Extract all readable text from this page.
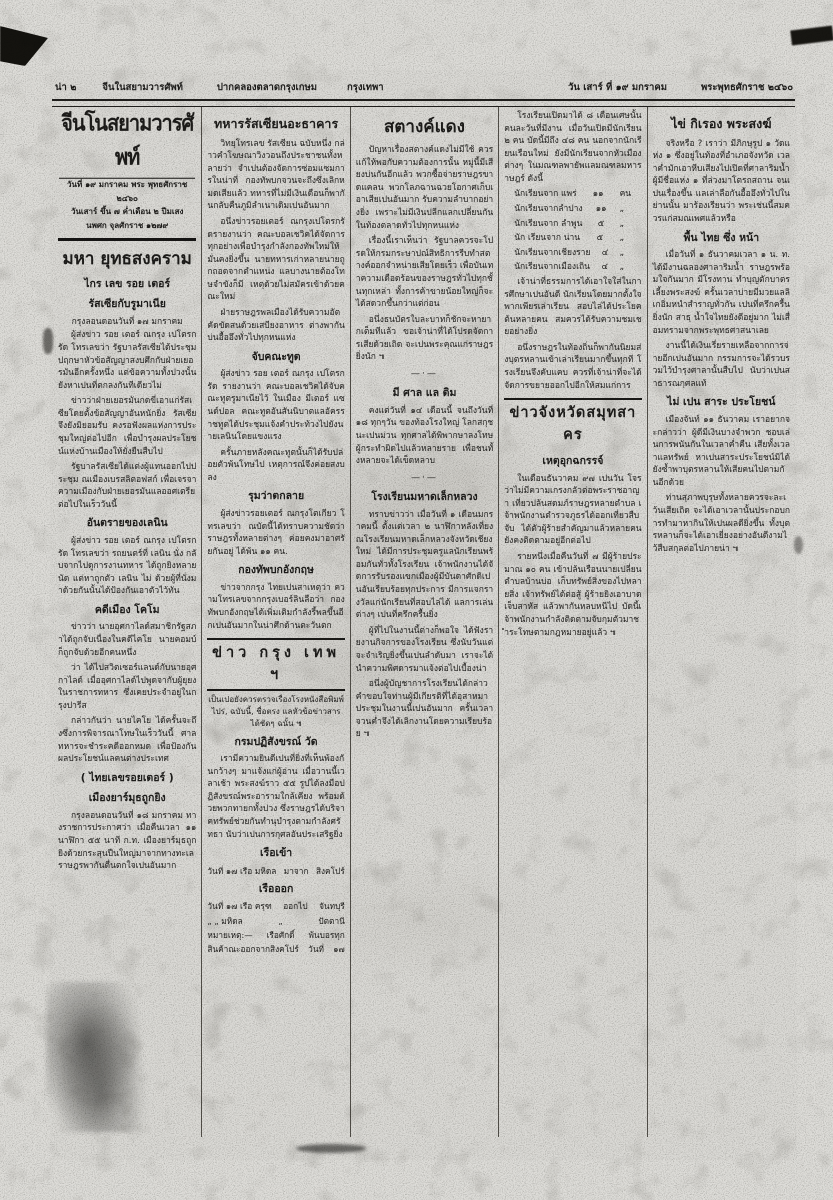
น่า ๒	จีนในสยามวารศัพท์	ปากคลองตลาดกรุงเกษม	กรุงเทพา	วัน เสาร์ ที่ ๑๙ มกราคม	พระพุทธศักราช ๒๔๖๐
จีนโนสยามวารศัพท์
วันที่ ๑๙ มกราคม พระ พุทธศักราช ๒๔๖๐
วันเสาร์ ขึ้น ๗ ค่ำเดือน ๒ ปีมเสง
นพศก จุลศักราช ๑๒๗๙
มหา ยุทธสงคราม
ไกร เลข รอย เตอร์
รัสเซียกับรูมาเนีย
กรุงลอนดอนวันที่ ๑๗ มกราคม

ผู้ส่งข่าว รอย เตอร์ ณกรุง เปโตรกรัด โทรเลขว่า รัฐบาลรัสเซียได้ประชุมปฤกษาหัวข้อสัญญาสงบศึกกับฝ่ายเยอรมันอีกครั้งหนึ่ง แต่ข้อความทั้งปวงนั้นยังหาเปนที่ตกลงกันทีเดียวไม่

ข่าวว่าฝ่ายเยอรมันกดขี่เอาแก่รัสเซียโดยตั้งข้อสัญญาอันหนักยิ่ง รัสเซียจึงยังมิยอมรับ คงรอฟังผลแห่งการประชุมใหญ่ต่อไปอีก เพื่อบำรุงผลประโยชน์แห่งบ้านเมืองให้ยั่งยืนสืบไป

รัฐบาลรัสเซียได้แต่งผู้แทนออกไปประชุม ณเมืองเบรสลิตอฟสก์ เพื่อเจรจาความเมืองกับฝ่ายเยอรมันแลออศเตรียต่อไปในเร็ววันนี้

อันตรายของเลนิน

ผู้ส่งข่าว รอย เตอร์ ณกรุง เปโตรกรัด โทรเลขว่า รถยนตร์ที่ เลนิน นั่ง กลับจากไปดูการงานทหาร ได้ถูกยิงหลายนัด แต่หาถูกตัว เลนิน ไม่ ด้วยผู้ที่นั่งมาด้วยกันนั้นได้ป้องกันเอาตัวไว้ทัน

คดีเมือง โคโม

ข่าวว่า นายอุศกาไลด์สมาชิกรัฐสภาได้ถูกจับเนื่องในคดีไคโย นายคอมบ์ก็ถูกจับด้วยอีกคนหนึ่ง

ว่า ได้ไปสวิตเซอร์แลนด์กับนายอุศกาไลด์ เมื่ออุศกาไลด์ไปพูดจากับผู้ยุยงในราชการทหาร ซึ่งเคยประจำอยู่ในกรุงปารีส

กล่าวกันว่า นายไคโย ได้ครั้นจะถึงซึ่งการพิจารณาโทษในเร็ววันนี้ ศาลทหารจะชำระคดีออกหมด เพื่อป้องกันผลประโยชน์แลคนต่างประเทศ

( ไทยเลขรอยเตอร์ )
เมืองยาร์มุธถูกยิง

กรุงลอนดอนวันที่ ๑๘ มกราคม ทางราชการประกาศว่า เมื่อคืนเวลา ๑๑ นาฬิกา ๕๕ นาที ก.ท. เมืองยาร์มุธถูกยิงด้วยกระสุนปืนใหญ่มาจากทางทะเล ราษฎรพากันตื่นตกใจเปนอันมาก

ทหารรัสเซียนอะธาคาร

วิทยุโทรเลข รัสเซียน ฉบับหนึ่ง กล่าวคำโฆษณาวิงวอนถึงประชาชนทั้งหลายว่า จำเปนต้องจัดการซ่อมแซมการในน่าที่ กองทัพบกจวนจะถึงซึ่งเลิกหมดเสียแล้ว ทหารที่ไม่มีเงินเดือนก็พากันกลับคืนภูมิลำเนาเดิมเปนอันมาก

อนึ่งข่าวรอยเตอร์ ณกรุงเปโตรกรัดรายงานว่า คณะบอลเชวิคได้จัดการทุกอย่างเพื่อบำรุงกำลังกองทัพใหม่ให้มั่นคงยิ่งขึ้น นายทหารเก่าหลายนายถูกถอดจากตำแหน่ง แลบางนายต้องโทษจำขังก็มี เหตุด้วยไม่สมัครเข้าด้วยคณะใหม่

ฝ่ายราษฎรพลเมืองได้รับความอัตคัดขัดสนด้วยเสบียงอาหาร ต่างพากันบ่นอื้ออึงทั่วไปทุกหนแห่ง

จับคณะทูต

ผู้ส่งข่าว รอย เตอร์ ณกรุง เปโตรกรัด รายงานว่า คณะบอลเชวิคได้จับคณะทูตรูมาเนียไว้ ในเมือง มีเตอร์ แซนด์ปอล คณะทูตอันสันนิบาตแลอัครราชทูตได้ประชุมแจ้งคำประท้วงไปยังนายเลนินโดยแขงแรง

ครั้นภายหลังคณะทูตนั้นก็ได้รับปล่อยตัวพ้นโทษไป เหตุการณ์จึงค่อยสงบลง

รุมว่าตกลาย

ผู้ส่งข่าวรอยเตอร์ ณกรุงโตเกียว โทรเลขว่า ณบัดนี้ได้ทราบความชัดว่า ราษฎรทั้งหลายต่างๆ ค่อยคงมาอาศรัยกันอยู่ ได้พ้น ๑๑ คน.

กองทัพบกอังกฤษ

ข่าวจากกรุง ไทยเปนสาเหตุว่า ความโทรเลขจากกรุงเบอร์ลินลือว่า กองทัพบกอังกฤษได้เพิ่มเติมกำลังรี้พลขึ้นอีกเปนอันมากในน่าศึกด้านตะวันตก

ข่าว กรุง เทพ ฯ
เป็นเปอยังควรตรวจเรื่องโรงหนังสือพิมพ์ไปร่, ฉบับนี้, ชื่อตรง แลหัวข้อข่าวสารได้ชัดๆ ฉนั้น ๚
กรมปฏิสังขรณ์ วัด

เรามีความยินดีเปนที่ยิ่งที่เห็นพ้องกันกว้างๆ มาแจ้งแก่ผู้อ่าน เมื่อวานนี้เวลาเช้า พระสงฆ์ราว ๕๕ รูปได้ลงมือปฏิสังขรณ์พระอารามใกล้เคียง พร้อมด้วยพวกทายกทั้งปวง ซึ่งราษฎรได้บริจาคทรัพย์ช่วยกันทำนุบำรุงตามกำลังศรัทธา นับว่าเปนการกุศลอันประเสริฐยิ่ง

เรือเข้า
วันที่ ๑๗ เรือ มหิดล มาจาก สิงคโปร์
เรือออก
วันที่ ๑๗ เรือ ครุฑ ออกไป จันทบุรี
„ „ มหิดล	„	ปัตตานี
หมายเหตุ:— เรือศักดิ์ พ้นบอรทุก
สินค้าณะออกจากสิงคโปร์ วันที่ ๑๗
สตางค์แดง

ปัญหาเรื่องสตางค์แดงไม่มีใช้ ควรแก้ให้พอกับความต้องการนั้น หมู่นี้มีเสียงบ่นกันอีกแล้ว พวกซื้อจ่ายราษฎรขาดแคลน พวกโลภฉานฉวยโอกาศเก็บเอาเสียเปนอันมาก รับความลำบากอย่างยิ่ง เพราะไม่มีเงินปลีกแลกเปลี่ยนกันในท้องตลาดทั่วไปทุกหนแห่ง

เรื่องนี้เราเห็นว่า รัฐบาลควรจะโปรดให้กรมกระษาปณ์สิทธิการรีบทำสตางค์ออกจำหน่ายเสียโดยเร็ว เพื่อบันเทาความเดือดร้อนของราษฎรทั่วไปทุกชั้นทุกเหล่า ทั้งการค้าขายน้อยใหญ่ก็จะได้สดวกขึ้นกว่าแต่ก่อน

อนึ่งธนบัตรใบละบาทก็ชักจะหายากเต็มทีแล้ว ขอเจ้าน่าที่ได้โปรดจัดการเสียด้วยเถิด จะเปนพระคุณแก่ราษฎรยิ่งนัก ๚

—·—
มี ศาล แล ติม

คงแต่วันที่ ๑๔ เดือนนี้ จนถึงวันที่ ๑๘ ทุกๆวัน ของท้องโรงใหญ่ โลกสกุชนะเปนม่วน ทุกศาลได้พิพากษาลงโทษผู้กระทำผิดไปแล้วหลายราย เพื่อชนทั้งหลายจะได้เข็ดหลาบ

—·—
โรงเรียนมหาดเล็กหลวง

ทราบข่าวว่า เมื่อวันที่ ๑ เดือนมกราคมนี้ ตั้งแต่เวลา ๒ นาฬิกาหลังเที่ยง ณโรงเรียนมหาดเล็กหลวงจังหวัดเชียงใหม่ ได้มีการประชุมครูแลนักเรียนพร้อมกันทั่วทั้งโรงเรียน เจ้าพนักงานได้จัดการรับรองแขกเมืองผู้มีบันดาศักดิเปนอันเรียบร้อยทุกประการ มีการแจกรางวัลแก่นักเรียนที่สอบไล่ได้ แลการเล่นต่างๆ เปนที่ครึกครื้นยิ่ง

ผู้ที่ไปในงานนี้ต่างก็พอใจ ได้ฟังรายงานกิจการของโรงเรียน ซึ่งนับวันแต่จะจำเริญยิ่งขึ้นเปนลำดับมา เราจะได้นำความพิศดารมาแจ้งต่อไปเบื้องน่า

อนึ่งผู้บัญชาการโรงเรียนได้กล่าวคำขอบใจท่านผู้มีเกียรติที่ได้อุสาหมาประชุมในงานนี้เปนอันมาก ครั้นเวลาจวนค่ำจึงได้เลิกงานโดยความเรียบร้อย ๚

โรงเรียนเปิดมาได้ ๘ เดือนเศษนั้น คนละวันที่มีงาน เมื่อวันเปิดมีนักเรียน ๒ คน บัดนี้มีถึง ๔๘ คน นอกจากนักเรียนเรือนใหม่ ยังมีนักเรียนจากหัวเมืองต่างๆ ในมณฑลพายัพแลมณฑลมหาราษฎร์ ดังนี้

นักเรียนจาก แพร่ ๑๑ คน
นักเรียนจากลำปาง ๑๑ „
นักเรียนจาก ลำพูน ๕ „
นัก เรียนจาก น่าน ๕ „
นักเรียนจากเชียงราย ๔ „
นักเรียนจากเมืองเถิน ๔ „

เจ้าน่าที่ธรรมการได้เอาใจใส่ในการศึกษาเปนอันดี นักเรียนโดยมากตั้งใจพากเพียรเล่าเรียน สอบไล่ได้ประโยคต้นหลายคน สมควรได้รับความชมเชยอย่างยิ่ง

อนึ่งราษฎรในท้องถิ่นก็พากันนิยมส่งบุตรหลานเข้าเล่าเรียนมากขึ้นทุกที โรงเรียนจึงคับแคบ ควรที่เจ้าน่าที่จะได้จัดการขยายออกไปอีกให้สมแก่การ

ข่าวจังหวัดสมุทสาคร
เหตุอุกฉกรรจ์

ในเดือนธันวาคม ๙๗ เปนวัน โจรว่าไม่มีความเกรงกลัวต่อพระราชอาญา เที่ยวปล้นสดมภ์ราษฎรหลายตำบล เจ้าพนักงานตำรวจภูธรได้ออกเที่ยวสืบจับ ได้ตัวผู้ร้ายสำคัญมาแล้วหลายคน ยังคงติดตามอยู่อีกต่อไป

รายหนึ่งเมื่อคืนวันที่ ๗ มีผู้ร้ายประมาณ ๑๐ คน เข้าปล้นเรือนนายเปลี่ยน ตำบลบ้านบ่อ เก็บทรัพย์สิ่งของไปหลายสิ่ง เจ้าทรัพย์ได้ต่อสู้ ผู้ร้ายยิงเอาบาดเจ็บสาหัส แล้วพากันหลบหนีไป บัดนี้เจ้าพนักงานกำลังติดตามจับกุมตัวมาชำระโทษตามกฎหมายอยู่แล้ว ๚

ไข่ กิเรอง พระสงฆ์

จริงหรือ ? เราว่า มีภิกษุรูป ๑ วัดแห่ง ๑ ซึ่งอยู่ในท้องที่อำเภอจังหวัด เวลาค่ำมักเอาหีบเสียงไปเปิดที่ศาลาริมน้ำ ผู้มีชื่อแห่ง ๑ ที่ล่วงมาโตรถสถาน จนเปนเรื่องขึ้น แลเล่าลือกันอื้ออึงทั่วไปในย่านนั้น มาร้องเรียนว่า พระเช่นนี้สมควรแก่สมณเพศแล้วหรือ

พื้น ไทย ซึ่ง หน้า

เมื่อวันที่ ๑ ธันวาคมเวลา ๑ น. ท. ได้มีงานฉลองศาลาริมน้ำ ราษฎรพร้อมใจกันมาก มีโรงทาน ทำบุญตักบาตรเลี้ยงพระสงฆ์ ครั้นเวลาบ่ายมีมวยแลลิเกอิ่มหนำสำราญทั่วกัน เปนที่ครึกครื้นยิ่งนัก สาธุ น้ำใจไทยยังดีอยู่มาก ไม่เสื่อมทรามจากพระพุทธศาสนาเลย

งานนี้ได้เงินเรี่ยรายเหลือจากการจ่ายอีกเปนอันมาก กรรมการจะได้รวบรวมไว้บำรุงศาลานั้นสืบไป นับว่าเปนสาธารณกุศลแท้

ไม่ เปน สาระ ประโยชน์

เมืองจันท์ ๑๑ ธันวาคม เราอยากจะกล่าวว่า ผู้ดีมีเงินบางจำพวก ชอบเล่นการพนันกันในเวลาค่ำคืน เสียทั้งเวลาแลทรัพย์ หาเปนสาระประโยชน์มิได้ ยังซ้ำพาบุตรหลานให้เสียคนไปตามกันอีกด้วย

ท่านสุภาพบุรุษทั้งหลายควรจะละเว้นเสียเถิด จะได้เอาเวลานั้นประกอบการทำมาหากินให้เปนผลดียิ่งขึ้น ทั้งบุตรหลานก็จะได้เอาเยี่ยงอย่างอันดีงามไว้สืบสกุลต่อไปภายน่า ๚
